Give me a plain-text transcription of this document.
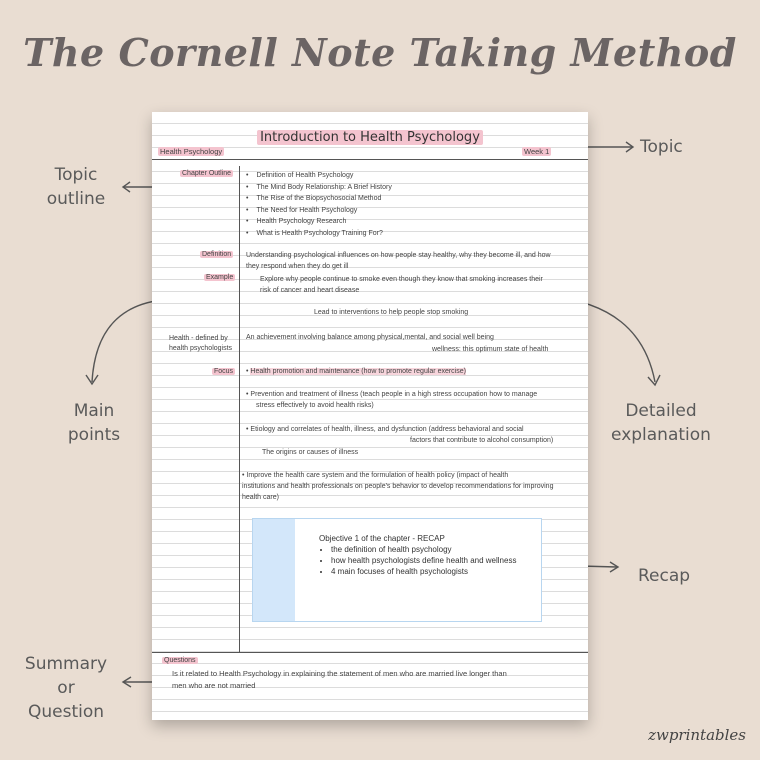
The Cornell Note Taking Method
Topic
Topic
outline
Main
points
Detailed
explanation
Recap
Summary
or
Question
Introduction to Health Psychology
Health Psychology	Week 1
Chapter Outline
Definition
Example
Health - defined by
health psychologists
Focus
• Definition of Health Psychology
• The Mind Body Relationship: A Brief History
• The Rise of the Biopsychosocial Method
• The Need for Health Psychology
• Health Psychology Research
• What is Health Psychology Training For?
Understanding psychological influences on how people stay healthy, why they become ill, and how
they respond when they do get ill
Explore why people continue to smoke even though they know that smoking increases their
risk of cancer and heart disease
Lead to interventions to help people stop smoking
An achievement involving balance among physical,mental, and social well being
wellness: this optimum state of health
• Health promotion and maintenance (how to promote regular exercise)
• Prevention and treatment of illness (teach people in a high stress occupation how to manage
stress effectively to avoid health risks)
• Etiology and correlates of health, illness, and dysfunction (address behavioral and social
factors that contribute to alcohol consumption)
The origins or causes of illness
• Improve the health care system and the formulation of health policy (impact of health
institutions and health professionals on people's behavior to develop recommendations for improving
health care)
Objective 1 of the chapter - RECAP
• the definition of health psychology
• how health psychologists define health and wellness
• 4 main focuses of health psychologists
Questions
Is it related to Health Psychology in explaining the statement of men who are married live longer than
men who are not married
zwprintables
